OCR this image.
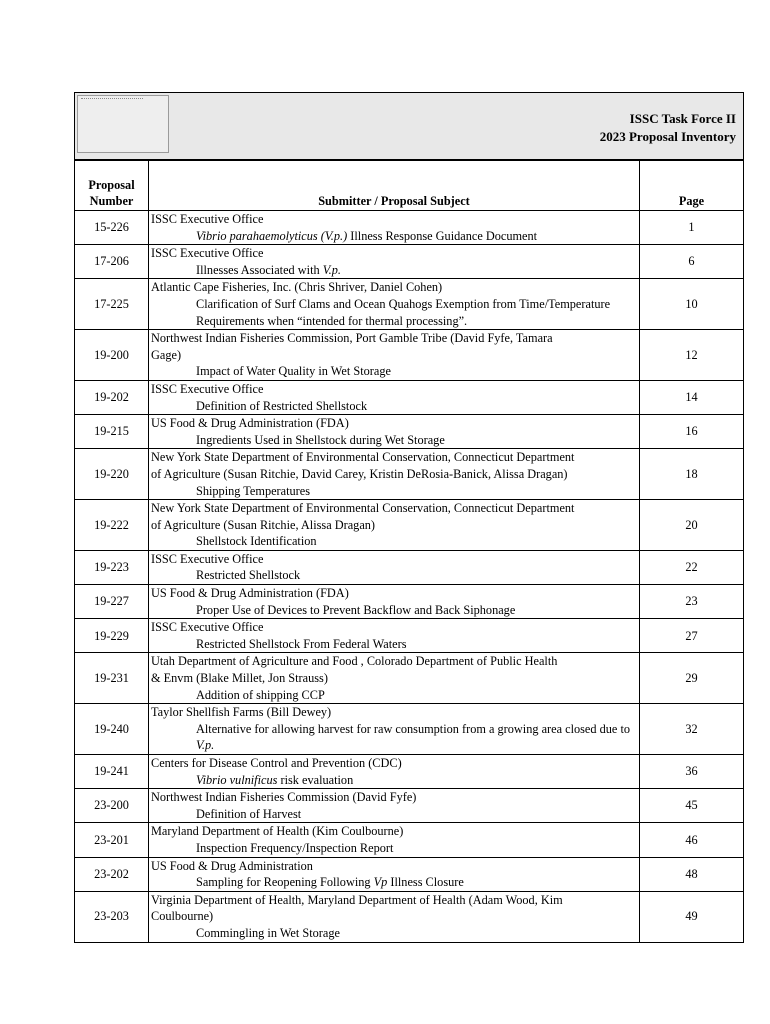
ISSC Task Force II
2023 Proposal Inventory
Proposal
Number	Submitter / Proposal Subject	Page
15-226	ISSC Executive Office
Vibrio parahaemolyticus (V.p.) Illness Response Guidance Document	1
17-206	ISSC Executive Office
Illnesses Associated with V.p.	6
17-225	Atlantic Cape Fisheries, Inc. (Chris Shriver, Daniel Cohen)
Clarification of Surf Clams and Ocean Quahogs Exemption from Time/Temperature Requirements when “intended for thermal processing”.	10
19-200	Northwest Indian Fisheries Commission, Port Gamble Tribe (David Fyfe, Tamara
Gage)
Impact of Water Quality in Wet Storage	12
19-202	ISSC Executive Office
Definition of Restricted Shellstock	14
19-215	US Food & Drug Administration (FDA)
Ingredients Used in Shellstock during Wet Storage	16
19-220	New York State Department of Environmental Conservation, Connecticut Department
of Agriculture (Susan Ritchie, David Carey, Kristin DeRosia-Banick, Alissa Dragan)
Shipping Temperatures	18
19-222	New York State Department of Environmental Conservation, Connecticut Department
of Agriculture (Susan Ritchie, Alissa Dragan)
Shellstock Identification	20
19-223	ISSC Executive Office
Restricted Shellstock	22
19-227	US Food & Drug Administration (FDA)
Proper Use of Devices to Prevent Backflow and Back Siphonage	23
19-229	ISSC Executive Office
Restricted Shellstock From Federal Waters	27
19-231	Utah Department of Agriculture and Food , Colorado Department of Public Health
& Envm (Blake Millet, Jon Strauss)
Addition of shipping CCP	29
19-240	Taylor Shellfish Farms (Bill Dewey)
Alternative for allowing harvest for raw consumption from a growing area closed due to V.p.	32
19-241	Centers for Disease Control and Prevention (CDC)
Vibrio vulnificus risk evaluation	36
23-200	Northwest Indian Fisheries Commission (David Fyfe)
Definition of Harvest	45
23-201	Maryland Department of Health (Kim Coulbourne)
Inspection Frequency/Inspection Report	46
23-202	US Food & Drug Administration
Sampling for Reopening Following Vp Illness Closure	48
23-203	Virginia Department of Health, Maryland Department of Health (Adam Wood, Kim
Coulbourne)
Commingling in Wet Storage	49
